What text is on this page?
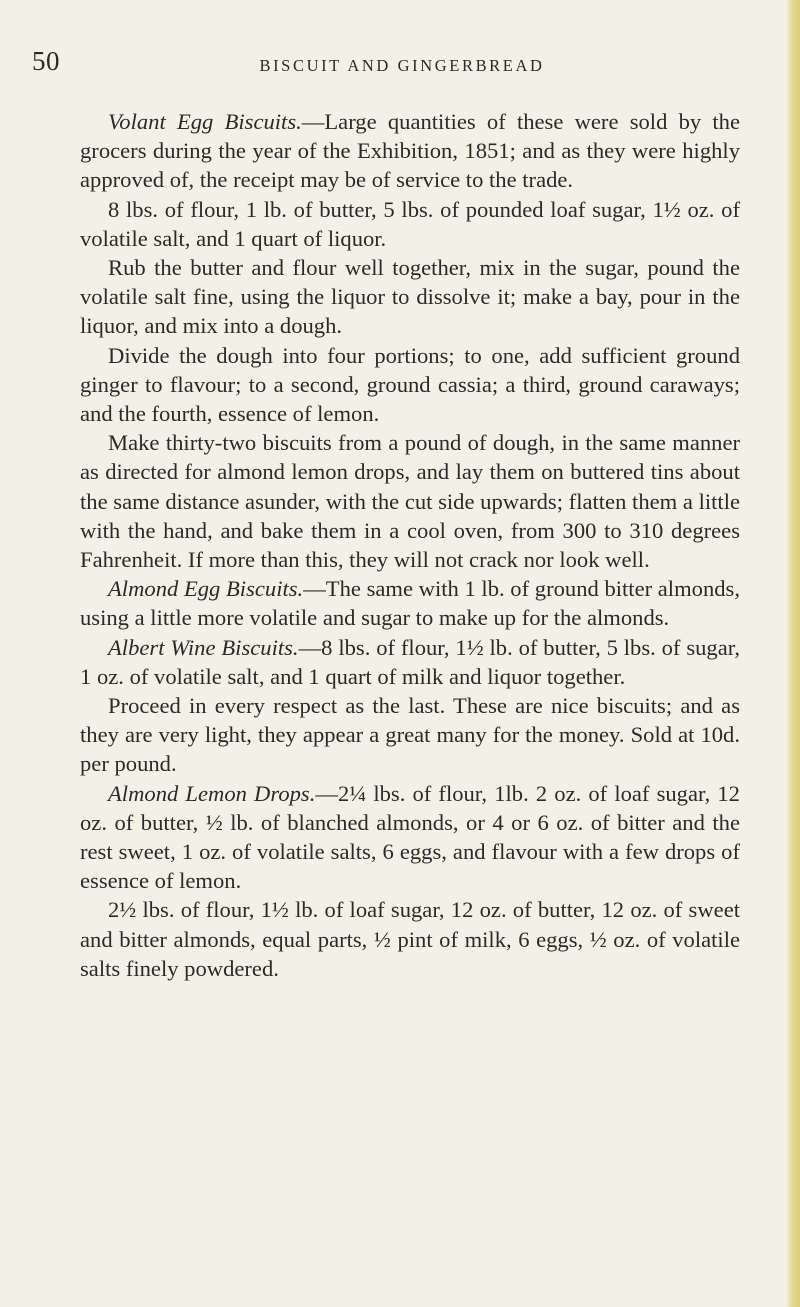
50	BISCUIT AND GINGERBREAD

Volant Egg Biscuits.—Large quantities of these were sold by the grocers during the year of the Exhibition, 1851; and as they were highly approved of, the receipt may be of service to the trade.

8 lbs. of flour, 1 lb. of butter, 5 lbs. of pounded loaf sugar, 1½ oz. of volatile salt, and 1 quart of liquor.

Rub the butter and flour well together, mix in the sugar, pound the volatile salt fine, using the liquor to dissolve it; make a bay, pour in the liquor, and mix into a dough.

Divide the dough into four portions; to one, add sufficient ground ginger to flavour; to a second, ground cassia; a third, ground caraways; and the fourth, essence of lemon.

Make thirty-two biscuits from a pound of dough, in the same manner as directed for almond lemon drops, and lay them on buttered tins about the same distance asunder, with the cut side upwards; flatten them a little with the hand, and bake them in a cool oven, from 300 to 310 degrees Fahrenheit. If more than this, they will not crack nor look well.

Almond Egg Biscuits.—The same with 1 lb. of ground bitter almonds, using a little more volatile and sugar to make up for the almonds.

Albert Wine Biscuits.—8 lbs. of flour, 1½ lb. of butter, 5 lbs. of sugar, 1 oz. of volatile salt, and 1 quart of milk and liquor together.

Proceed in every respect as the last. These are nice biscuits; and as they are very light, they appear a great many for the money. Sold at 10d. per pound.

Almond Lemon Drops.—2¼ lbs. of flour, 1lb. 2 oz. of loaf sugar, 12 oz. of butter, ½ lb. of blanched almonds, or 4 or 6 oz. of bitter and the rest sweet, 1 oz. of volatile salts, 6 eggs, and flavour with a few drops of essence of lemon.

2½ lbs. of flour, 1½ lb. of loaf sugar, 12 oz. of butter, 12 oz. of sweet and bitter almonds, equal parts, ½ pint of milk, 6 eggs, ½ oz. of volatile salts finely powdered.
